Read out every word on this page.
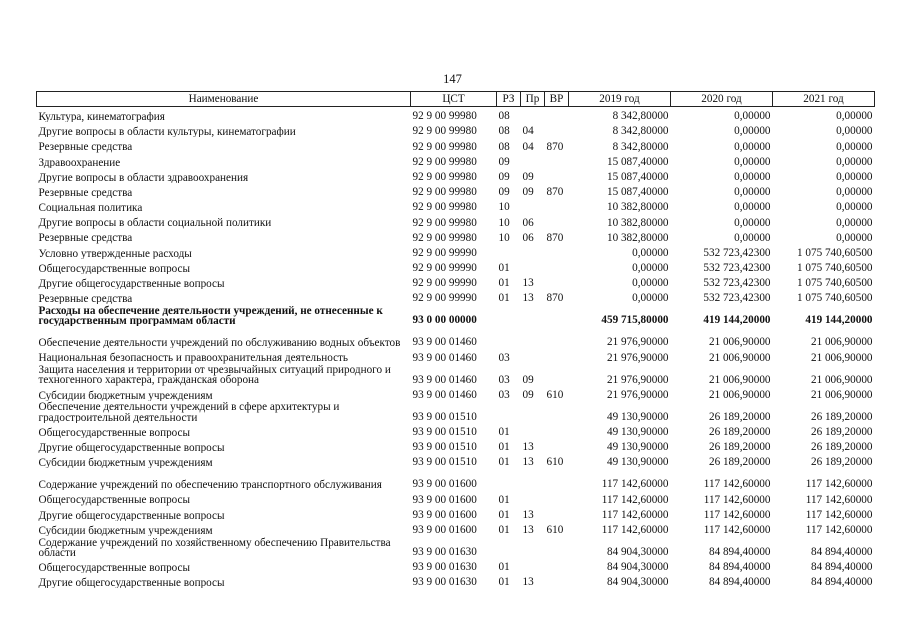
147
Наименование	ЦСТ	РЗ	Пр	ВР	2019 год	2020 год	2021 год
Культура, кинематография	92 9 00 99980	08			8 342,80000	0,00000	0,00000
Другие вопросы в области культуры, кинематографии	92 9 00 99980	08	04		8 342,80000	0,00000	0,00000
Резервные средства	92 9 00 99980	08	04	870	8 342,80000	0,00000	0,00000
Здравоохранение	92 9 00 99980	09			15 087,40000	0,00000	0,00000
Другие вопросы в области здравоохранения	92 9 00 99980	09	09		15 087,40000	0,00000	0,00000
Резервные средства	92 9 00 99980	09	09	870	15 087,40000	0,00000	0,00000
Социальная политика	92 9 00 99980	10			10 382,80000	0,00000	0,00000
Другие вопросы в области социальной политики	92 9 00 99980	10	06		10 382,80000	0,00000	0,00000
Резервные средства	92 9 00 99980	10	06	870	10 382,80000	0,00000	0,00000
Условно утвержденные расходы	92 9 00 99990				0,00000	532 723,42300	1 075 740,60500
Общегосударственные вопросы	92 9 00 99990	01			0,00000	532 723,42300	1 075 740,60500
Другие общегосударственные вопросы	92 9 00 99990	01	13		0,00000	532 723,42300	1 075 740,60500
Резервные средства	92 9 00 99990	01	13	870	0,00000	532 723,42300	1 075 740,60500
Расходы на обеспечение деятельности учреждений, не отнесенные к государственным программам области	93 0 00 00000				459 715,80000	419 144,20000	419 144,20000
Обеспечение деятельности учреждений по обслуживанию водных объектов	93 9 00 01460				21 976,90000	21 006,90000	21 006,90000
Национальная безопасность и правоохранительная деятельность	93 9 00 01460	03			21 976,90000	21 006,90000	21 006,90000
Защита населения и территории от чрезвычайных ситуаций природного и техногенного характера, гражданская оборона	93 9 00 01460	03	09		21 976,90000	21 006,90000	21 006,90000
Субсидии бюджетным учреждениям	93 9 00 01460	03	09	610	21 976,90000	21 006,90000	21 006,90000
Обеспечение деятельности учреждений в сфере архитектуры и градостроительной деятельности	93 9 00 01510				49 130,90000	26 189,20000	26 189,20000
Общегосударственные вопросы	93 9 00 01510	01			49 130,90000	26 189,20000	26 189,20000
Другие общегосударственные вопросы	93 9 00 01510	01	13		49 130,90000	26 189,20000	26 189,20000
Субсидии бюджетным учреждениям	93 9 00 01510	01	13	610	49 130,90000	26 189,20000	26 189,20000
Содержание учреждений по обеспечению транспортного обслуживания	93 9 00 01600				117 142,60000	117 142,60000	117 142,60000
Общегосударственные вопросы	93 9 00 01600	01			117 142,60000	117 142,60000	117 142,60000
Другие общегосударственные вопросы	93 9 00 01600	01	13		117 142,60000	117 142,60000	117 142,60000
Субсидии бюджетным учреждениям	93 9 00 01600	01	13	610	117 142,60000	117 142,60000	117 142,60000
Содержание учреждений по хозяйственному обеспечению Правительства области	93 9 00 01630				84 904,30000	84 894,40000	84 894,40000
Общегосударственные вопросы	93 9 00 01630	01			84 904,30000	84 894,40000	84 894,40000
Другие общегосударственные вопросы	93 9 00 01630	01	13		84 904,30000	84 894,40000	84 894,40000
